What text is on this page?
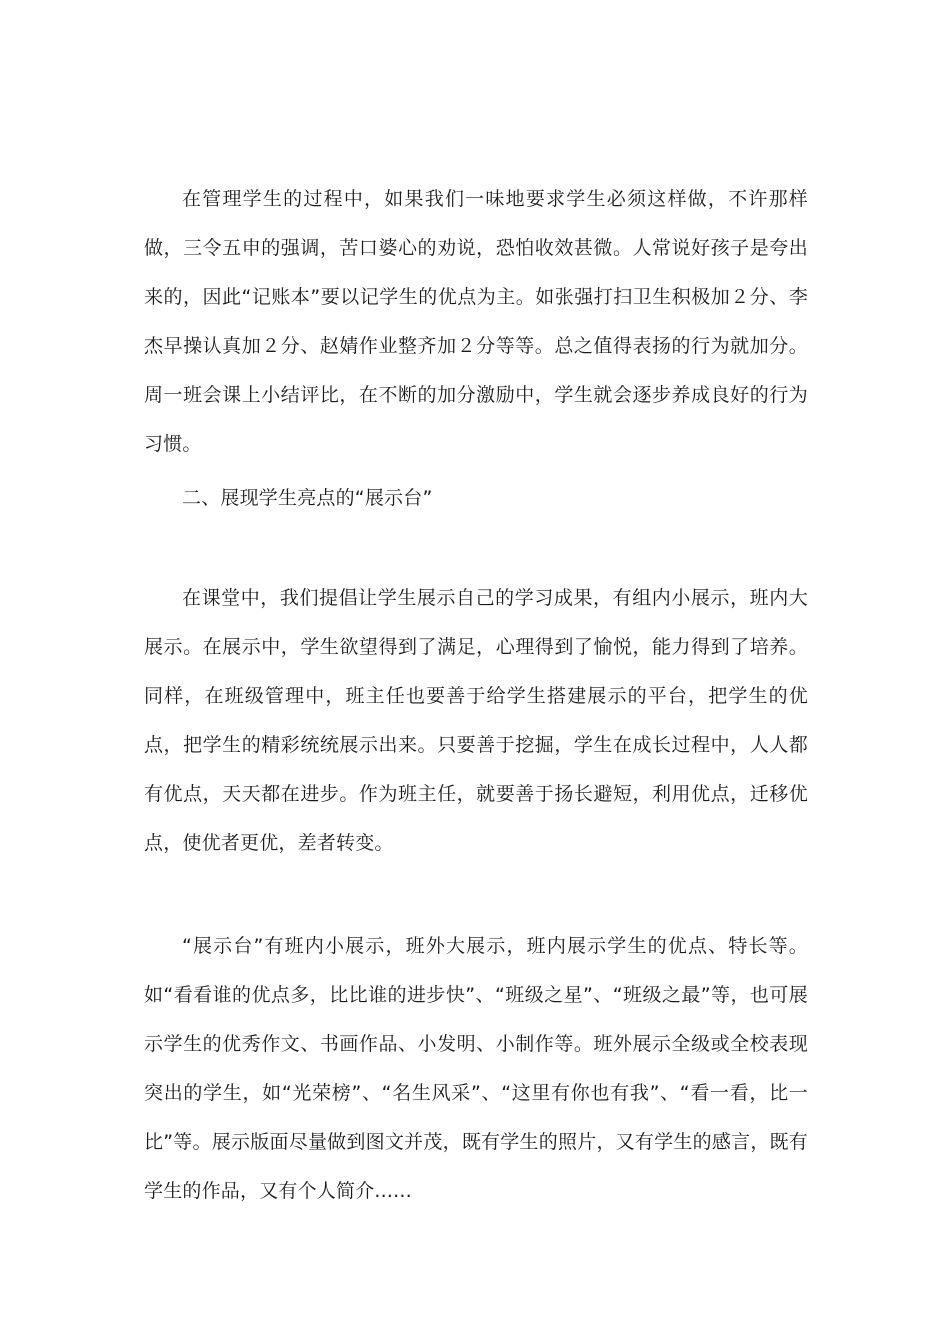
在管理学生的过程中，如果我们一味地要求学生必须这样做，不许那样做，三令五申的强调，苦口婆心的劝说，恐怕收效甚微。人常说好孩子是夸出来的，因此“记账本”要以记学生的优点为主。如张强打扫卫生积极加２分、李杰早操认真加２分、赵婧作业整齐加２分等等。总之值得表扬的行为就加分。周一班会课上小结评比，在不断的加分激励中，学生就会逐步养成良好的行为习惯。

二、展现学生亮点的“展示台”

在课堂中，我们提倡让学生展示自己的学习成果，有组内小展示，班内大展示。在展示中，学生欲望得到了满足，心理得到了愉悦，能力得到了培养。同样，在班级管理中，班主任也要善于给学生搭建展示的平台，把学生的优点，把学生的精彩统统展示出来。只要善于挖掘，学生在成长过程中，人人都有优点，天天都在进步。作为班主任，就要善于扬长避短，利用优点，迁移优点，使优者更优，差者转变。

“展示台”有班内小展示，班外大展示，班内展示学生的优点、特长等。如“看看谁的优点多，比比谁的进步快”、“班级之星”、“班级之最”等，也可展示学生的优秀作文、书画作品、小发明、小制作等。班外展示全级或全校表现突出的学生，如“光荣榜”、“名生风采”、“这里有你也有我”、“看一看，比一比”等。展示版面尽量做到图文并茂，既有学生的照片，又有学生的感言，既有学生的作品，又有个人简介......
